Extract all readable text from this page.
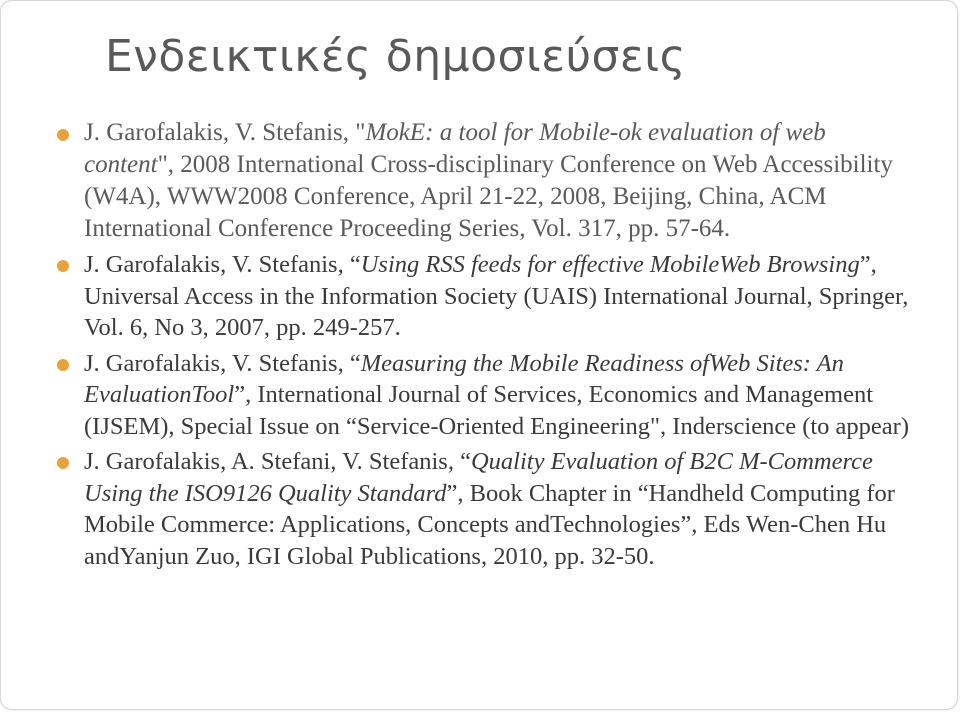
Ενδεικτικές δημοσιεύσεις
J. Garofalakis, V. Stefanis, "MokE: a tool for Mobile-ok evaluation of web content", 2008 International Cross-disciplinary Conference on Web Accessibility (W4A), WWW2008 Conference, April 21-22, 2008, Beijing, China, ACM International Conference Proceeding Series, Vol. 317, pp. 57-64.
J. Garofalakis, V. Stefanis, “Using RSS feeds for effective MobileWeb Browsing”, Universal Access in the Information Society (UAIS) International Journal, Springer, Vol. 6, No 3, 2007, pp. 249-257.
J. Garofalakis, V. Stefanis, “Measuring the Mobile Readiness ofWeb Sites: An EvaluationTool”, International Journal of Services, Economics and Management (IJSEM), Special Issue on “Service-Oriented Engineering", Inderscience (to appear)
J. Garofalakis, A. Stefani, V. Stefanis, “Quality Evaluation of B2C M-Commerce Using the ISO9126 Quality Standard”, Book Chapter in “Handheld Computing for Mobile Commerce: Applications, Concepts andTechnologies”, Eds Wen-Chen Hu andYanjun Zuo, IGI Global Publications, 2010, pp. 32-50.
